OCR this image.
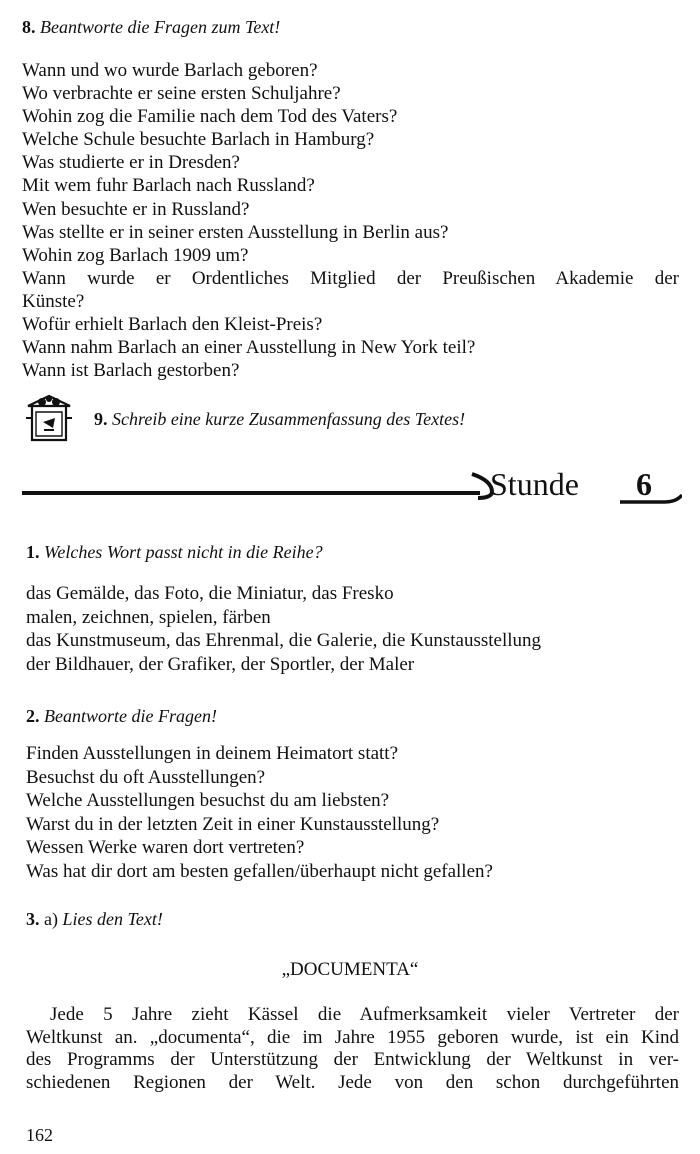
8. Beantworte die Fragen zum Text!
Wann und wo wurde Barlach geboren?
Wo verbrachte er seine ersten Schuljahre?
Wohin zog die Familie nach dem Tod des Vaters?
Welche Schule besuchte Barlach in Hamburg?
Was studierte er in Dresden?
Mit wem fuhr Barlach nach Russland?
Wen besuchte er in Russland?
Was stellte er in seiner ersten Ausstellung in Berlin aus?
Wohin zog Barlach 1909 um?
Wann wurde er Ordentliches Mitglied der Preußischen Akademie der
Künste?
Wofür erhielt Barlach den Kleist-Preis?
Wann nahm Barlach an einer Ausstellung in New York teil?
Wann ist Barlach gestorben?
9. Schreib eine kurze Zusammenfassung des Textes!
Stunde 6
1. Welches Wort passt nicht in die Reihe?
das Gemälde, das Foto, die Miniatur, das Fresko
malen, zeichnen, spielen, färben
das Kunstmuseum, das Ehrenmal, die Galerie, die Kunstausstellung
der Bildhauer, der Grafiker, der Sportler, der Maler
2. Beantworte die Fragen!
Finden Ausstellungen in deinem Heimatort statt?
Besuchst du oft Ausstellungen?
Welche Ausstellungen besuchst du am liebsten?
Warst du in der letzten Zeit in einer Kunstausstellung?
Wessen Werke waren dort vertreten?
Was hat dir dort am besten gefallen/überhaupt nicht gefallen?
3. a) Lies den Text!
„DOCUMENTA“
Jede 5 Jahre zieht Kässel die Aufmerksamkeit vieler Vertreter der
Weltkunst an. „documenta“, die im Jahre 1955 geboren wurde, ist ein Kind
des Programms der Unterstützung der Entwicklung der Weltkunst in ver-
schiedenen Regionen der Welt. Jede von den schon durchgeführten
162
